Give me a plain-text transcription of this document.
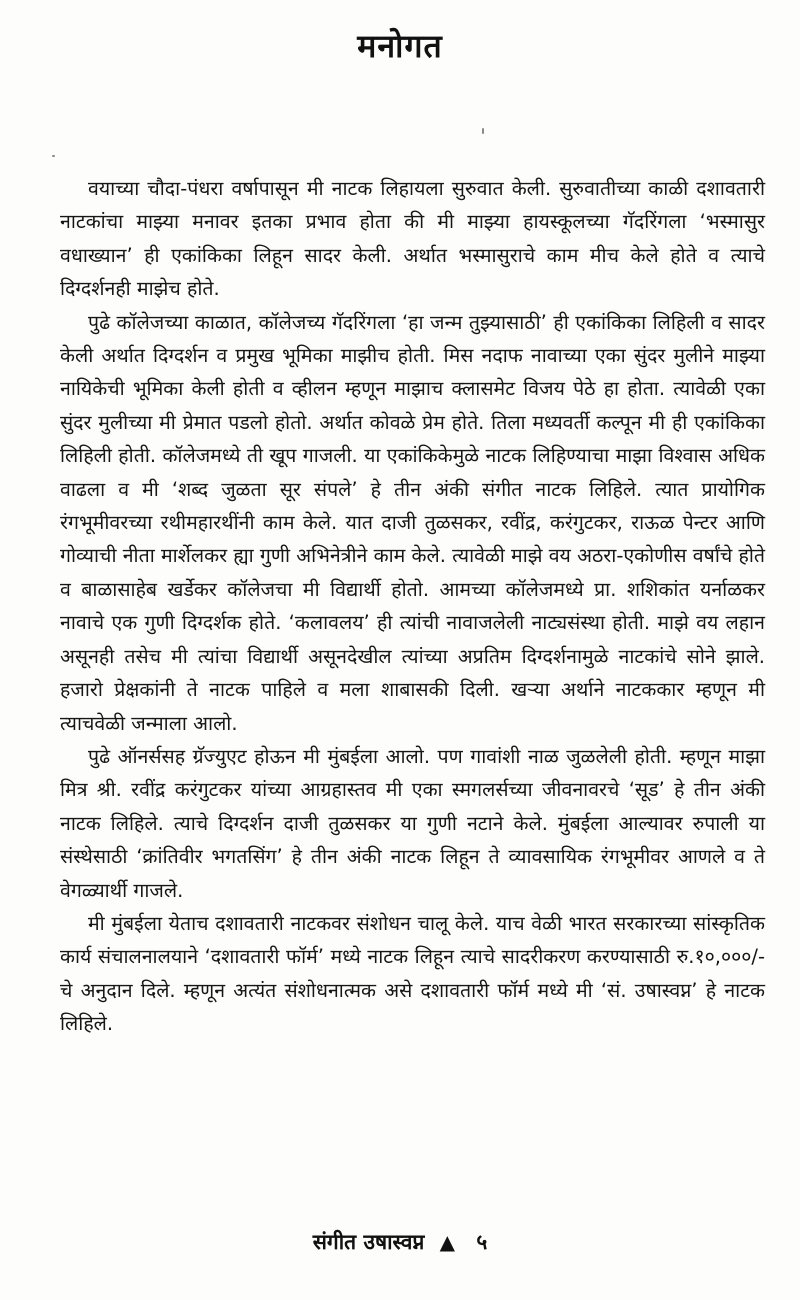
मनोगत

वयाच्या चौदा-पंधरा वर्षापासून मी नाटक लिहायला सुरुवात केली. सुरुवातीच्या काळी दशावतारी नाटकांचा माझ्या मनावर इतका प्रभाव होता की मी माझ्या हायस्कूलच्या गॅदरिंगला ‘भस्मासुर वधाख्यान’ ही एकांकिका लिहून सादर केली. अर्थात भस्मासुराचे काम मीच केले होते व त्याचे दिग्दर्शनही माझेच होते.

पुढे कॉलेजच्या काळात, कॉलेजच्य गॅदरिंगला ‘हा जन्म तुझ्यासाठी’ ही एकांकिका लिहिली व सादर केली अर्थात दिग्दर्शन व प्रमुख भूमिका माझीच होती. मिस नदाफ नावाच्या एका सुंदर मुलीने माझ्या नायिकेची भूमिका केली होती व व्हीलन म्हणून माझाच क्लासमेट विजय पेठे हा होता. त्यावेळी एका सुंदर मुलीच्या मी प्रेमात पडलो होतो. अर्थात कोवळे प्रेम होते. तिला मध्यवर्ती कल्पून मी ही एकांकिका लिहिली होती. कॉलेजमध्ये ती खूप गाजली. या एकांकिकेमुळे नाटक लिहिण्याचा माझा विश्वास अधिक वाढला व मी ‘शब्द जुळता सूर संपले’ हे तीन अंकी संगीत नाटक लिहिले. त्यात प्रायोगिक रंगभूमीवरच्या रथीमहारथींनी काम केले. यात दाजी तुळसकर, रवींद्र, करंगुटकर, राऊळ पेन्टर आणि गोव्याची नीता मार्शेलकर ह्या गुणी अभिनेत्रीने काम केले. त्यावेळी माझे वय अठरा-एकोणीस वर्षांचे होते व बाळासाहेब खर्डेकर कॉलेजचा मी विद्यार्थी होतो. आमच्या कॉलेजमध्ये प्रा. शशिकांत यर्नाळकर नावाचे एक गुणी दिग्दर्शक होते. ‘कलावलय’ ही त्यांची नावाजलेली नाट्यसंस्था होती. माझे वय लहान असूनही तसेच मी त्यांचा विद्यार्थी असूनदेखील त्यांच्या अप्रतिम दिग्दर्शनामुळे नाटकांचे सोने झाले. हजारो प्रेक्षकांनी ते नाटक पाहिले व मला शाबासकी दिली. खऱ्या अर्थाने नाटककार म्हणून मी त्याचवेळी जन्माला आलो.

पुढे ऑनर्ससह ग्रॅज्युएट होऊन मी मुंबईला आलो. पण गावांशी नाळ जुळलेली होती. म्हणून माझा मित्र श्री. रवींद्र करंगुटकर यांच्या आग्रहास्तव मी एका स्मगलर्सच्या जीवनावरचे ‘सूड’ हे तीन अंकी नाटक लिहिले. त्याचे दिग्दर्शन दाजी तुळसकर या गुणी नटाने केले. मुंबईला आल्यावर रुपाली या संस्थेसाठी ‘क्रांतिवीर भगतसिंग’ हे तीन अंकी नाटक लिहून ते व्यावसायिक रंगभूमीवर आणले व ते वेगळ्यार्थी गाजले.

मी मुंबईला येताच दशावतारी नाटकवर संशोधन चालू केले. याच वेळी भारत सरकारच्या सांस्कृतिक कार्य संचालनालयाने ‘दशावतारी फॉर्म’ मध्ये नाटक लिहून त्याचे सादरीकरण करण्यासाठी रु.१०,०००/- चे अनुदान दिले. म्हणून अत्यंत संशोधनात्मक असे दशावतारी फॉर्म मध्ये मी ‘सं. उषास्वप्न’ हे नाटक लिहिले.

संगीत उषास्वप्न ▲ ५
